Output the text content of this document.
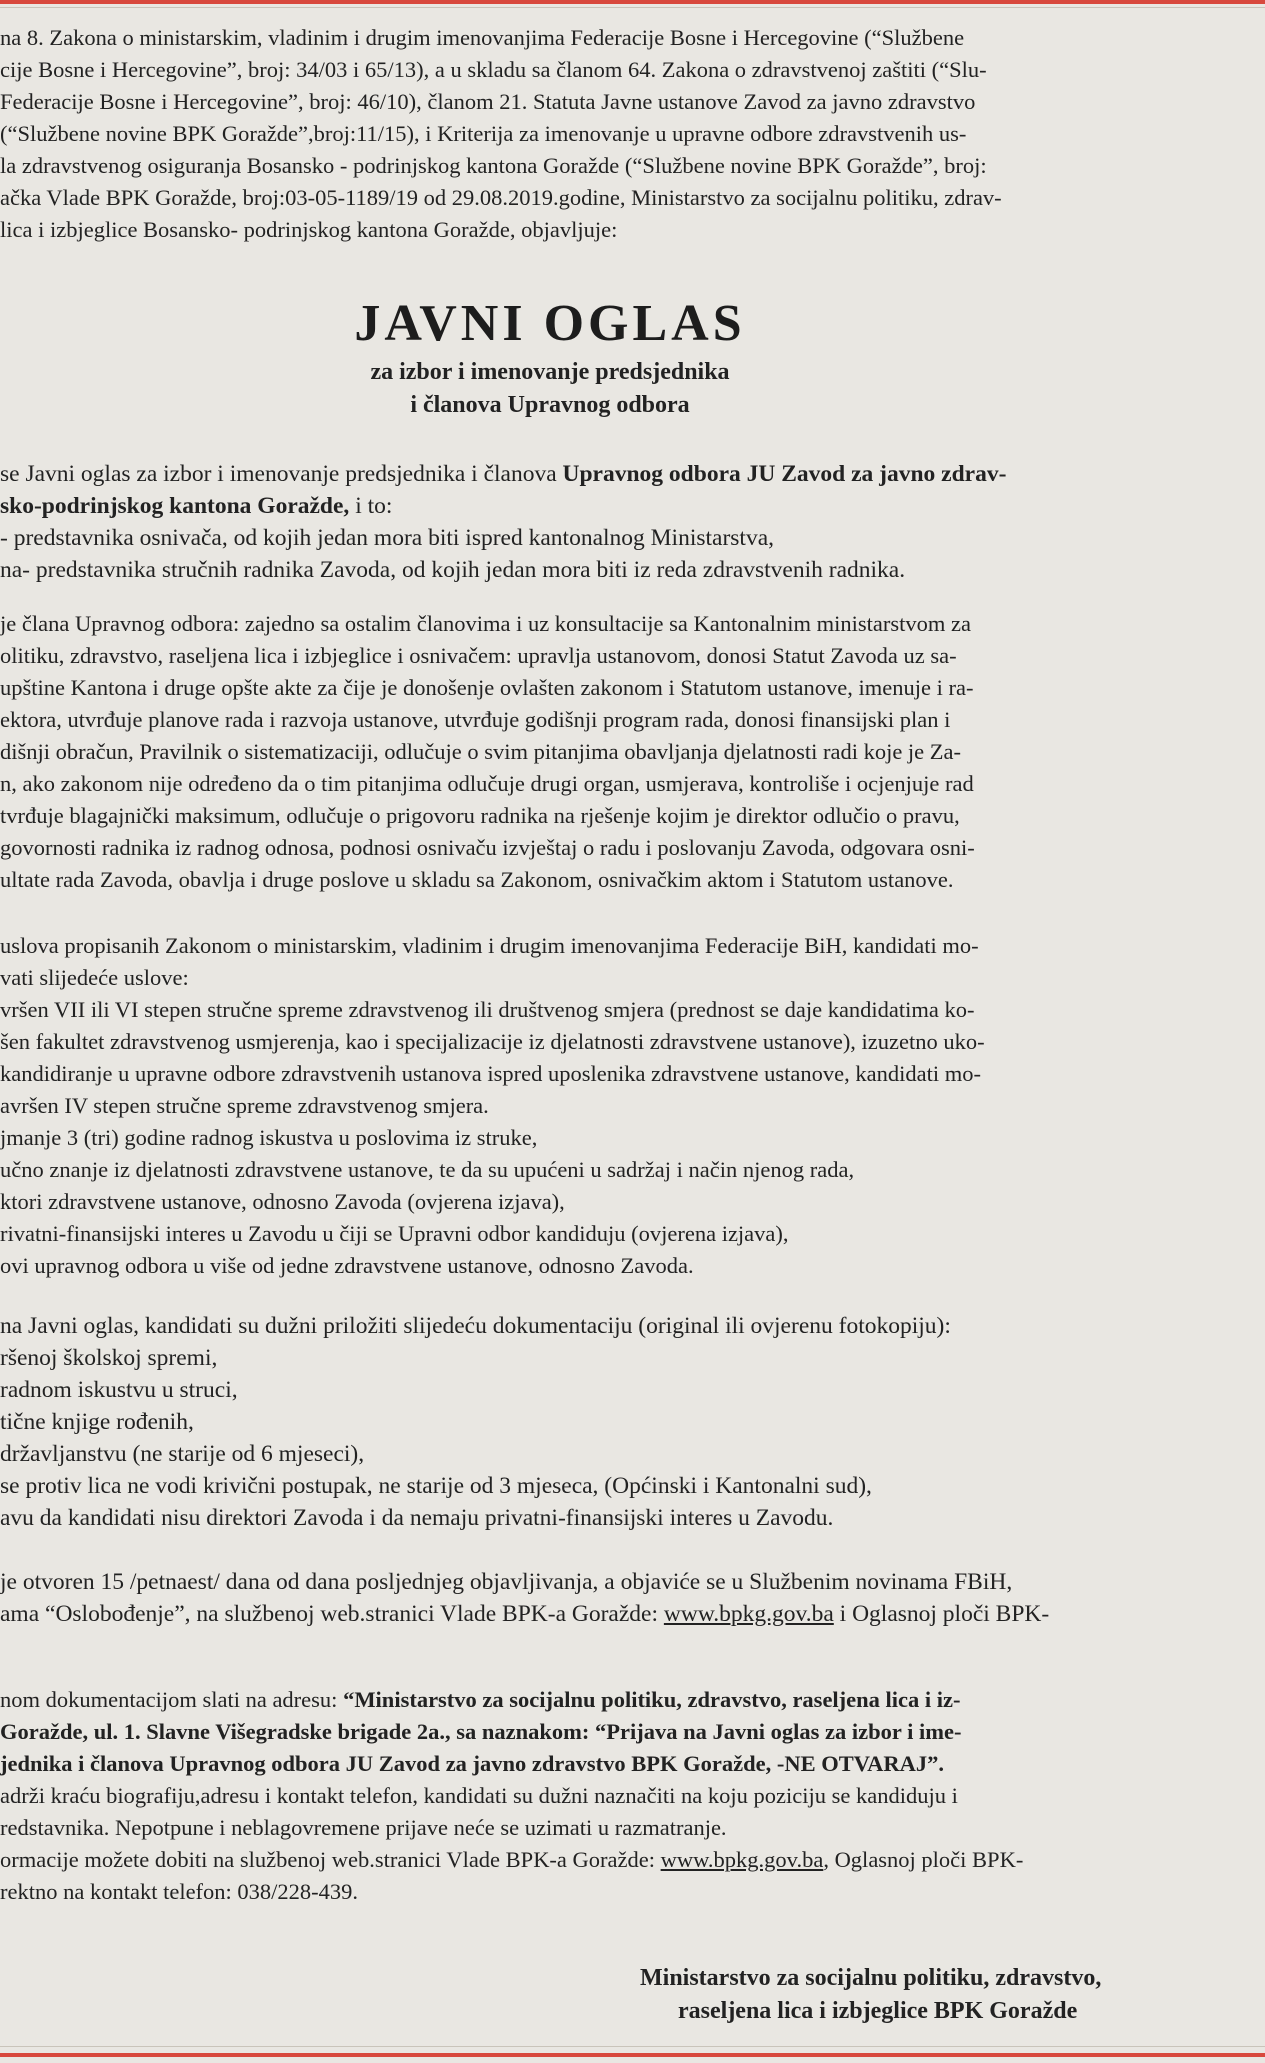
na 8. Zakona o ministarskim, vladinim i drugim imenovanjima Federacije Bosne i Hercegovine (“Službene
cije Bosne i Hercegovine”, broj: 34/03 i 65/13), a u skladu sa članom 64. Zakona o zdravstvenoj zaštiti (“Slu-
Federacije Bosne i Hercegovine”, broj: 46/10), članom 21. Statuta Javne ustanove Zavod za javno zdravstvo
(“Službene novine BPK Goražde”,broj:11/15), i Kriterija za imenovanje u upravne odbore zdravstvenih us-
la zdravstvenog osiguranja Bosansko - podrinjskog kantona Goražde (“Službene novine BPK Goražde”, broj:
ačka Vlade BPK Goražde, broj:03-05-1189/19 od 29.08.2019.godine, Ministarstvo za socijalnu politiku, zdrav-
lica i izbjeglice Bosansko- podrinjskog kantona Goražde, objavljuje:
JAVNI OGLAS
za izbor i imenovanje predsjednika
i članova Upravnog odbora
se Javni oglas za izbor i imenovanje predsjednika i članova Upravnog odbora JU Zavod za javno zdrav-
sko-podrinjskog kantona Goražde, i to:
- predstavnika osnivača, od kojih jedan mora biti ispred kantonalnog Ministarstva,
na- predstavnika stručnih radnika Zavoda, od kojih jedan mora biti iz reda zdravstvenih radnika.
je člana Upravnog odbora: zajedno sa ostalim članovima i uz konsultacije sa Kantonalnim ministarstvom za
olitiku, zdravstvo, raseljena lica i izbjeglice i osnivačem: upravlja ustanovom, donosi Statut Zavoda uz sa-
upštine Kantona i druge opšte akte za čije je donošenje ovlašten zakonom i Statutom ustanove, imenuje i ra-
ektora, utvrđuje planove rada i razvoja ustanove, utvrđuje godišnji program rada, donosi finansijski plan i
dišnji obračun, Pravilnik o sistematizaciji, odlučuje o svim pitanjima obavljanja djelatnosti radi koje je Za-
n, ako zakonom nije određeno da o tim pitanjima odlučuje drugi organ, usmjerava, kontroliše i ocjenjuje rad
tvrđuje blagajnički maksimum, odlučuje o prigovoru radnika na rješenje kojim je direktor odlučio o pravu,
govornosti radnika iz radnog odnosa, podnosi osnivaču izvještaj o radu i poslovanju Zavoda, odgovara osni-
ultate rada Zavoda, obavlja i druge poslove u skladu sa Zakonom, osnivačkim aktom i Statutom ustanove.
uslova propisanih Zakonom o ministarskim, vladinim i drugim imenovanjima Federacije BiH, kandidati mo-
vati slijedeće uslove:
vršen VII ili VI stepen stručne spreme zdravstvenog ili društvenog smjera (prednost se daje kandidatima ko-
šen fakultet zdravstvenog usmjerenja, kao i specijalizacije iz djelatnosti zdravstvene ustanove), izuzetno uko-
kandidiranje u upravne odbore zdravstvenih ustanova ispred uposlenika zdravstvene ustanove, kandidati mo-
avršen IV stepen stručne spreme zdravstvenog smjera.
jmanje 3 (tri) godine radnog iskustva u poslovima iz struke,
učno znanje iz djelatnosti zdravstvene ustanove, te da su upućeni u sadržaj i način njenog rada,
ktori zdravstvene ustanove, odnosno Zavoda (ovjerena izjava),
rivatni-finansijski interes u Zavodu u čiji se Upravni odbor kandiduju (ovjerena izjava),
ovi upravnog odbora u više od jedne zdravstvene ustanove, odnosno Zavoda.
na Javni oglas, kandidati su dužni priložiti slijedeću dokumentaciju (original ili ovjerenu fotokopiju):
ršenoj školskoj spremi,
radnom iskustvu u struci,
tične knjige rođenih,
državljanstvu (ne starije od 6 mjeseci),
se protiv lica ne vodi krivični postupak, ne starije od 3 mjeseca, (Općinski i Kantonalni sud),
avu da kandidati nisu direktori Zavoda i da nemaju privatni-finansijski interes u Zavodu.
je otvoren 15 /petnaest/ dana od dana posljednjeg objavljivanja, a objaviće se u Službenim novinama FBiH,
ama “Oslobođenje”, na službenoj web.stranici Vlade BPK-a Goražde: www.bpkg.gov.ba i Oglasnoj ploči BPK-
nom dokumentacijom slati na adresu: “Ministarstvo za socijalnu politiku, zdravstvo, raseljena lica i iz-
Goražde, ul. 1. Slavne Višegradske brigade 2a., sa naznakom: “Prijava na Javni oglas za izbor i ime-
jednika i članova Upravnog odbora JU Zavod za javno zdravstvo BPK Goražde, -NE OTVARAJ”.
adrži kraću biografiju,adresu i kontakt telefon, kandidati su dužni naznačiti na koju poziciju se kandiduju i
redstavnika. Nepotpune i neblagovremene prijave neće se uzimati u razmatranje.
ormacije možete dobiti na službenoj web.stranici Vlade BPK-a Goražde: www.bpkg.gov.ba, Oglasnoj ploči BPK-
rektno na kontakt telefon: 038/228-439.
Ministarstvo za socijalnu politiku, zdravstvo,
raseljena lica i izbjeglice BPK Goražde
